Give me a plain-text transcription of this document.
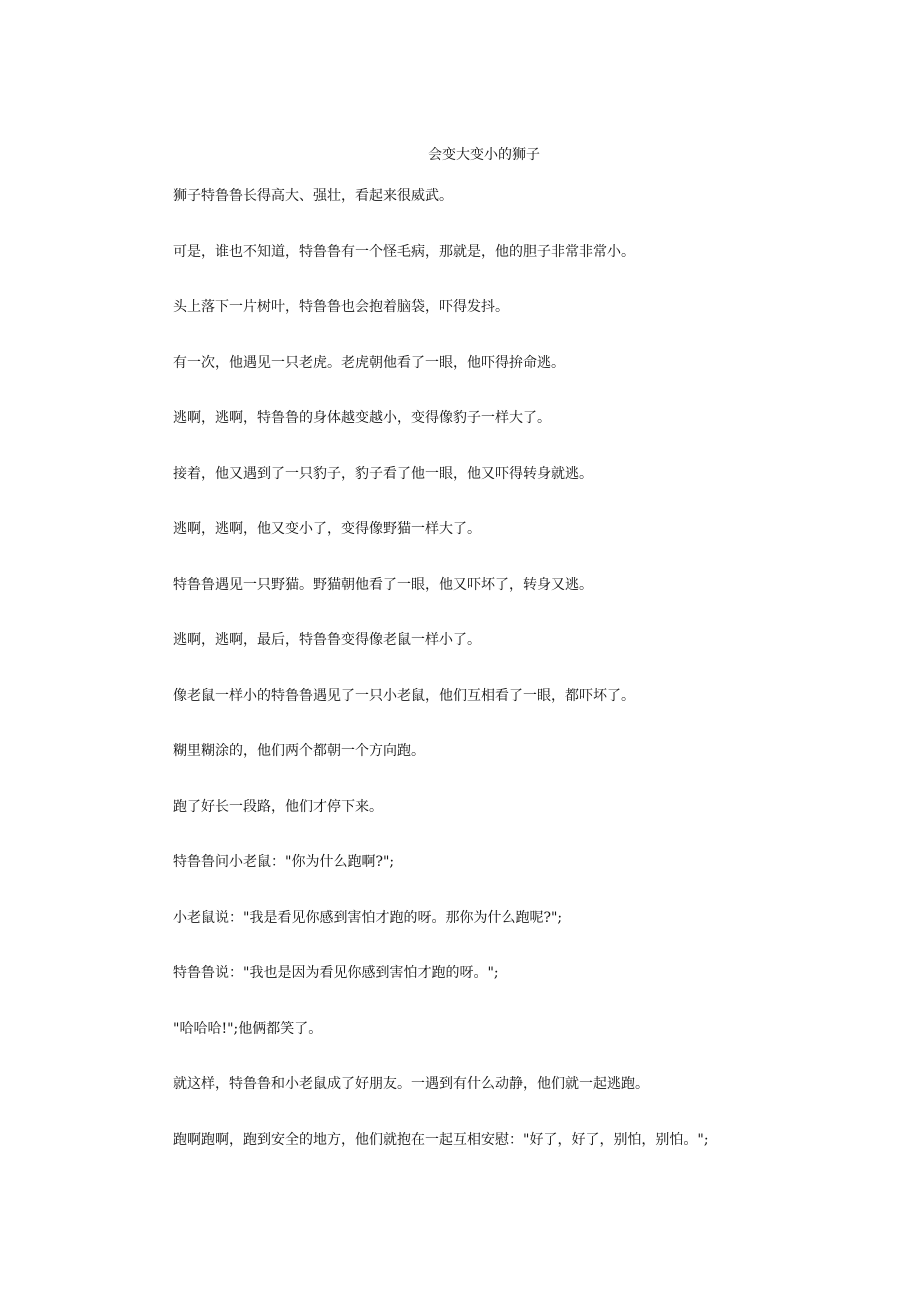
会变大变小的狮子

狮子特鲁鲁长得高大、强壮，看起来很威武。

可是，谁也不知道，特鲁鲁有一个怪毛病，那就是，他的胆子非常非常小。

头上落下一片树叶，特鲁鲁也会抱着脑袋，吓得发抖。

有一次，他遇见一只老虎。老虎朝他看了一眼，他吓得拚命逃。

逃啊，逃啊，特鲁鲁的身体越变越小，变得像豹子一样大了。

接着，他又遇到了一只豹子，豹子看了他一眼，他又吓得转身就逃。

逃啊，逃啊，他又变小了，变得像野猫一样大了。

特鲁鲁遇见一只野猫。野猫朝他看了一眼，他又吓坏了，转身又逃。

逃啊，逃啊，最后，特鲁鲁变得像老鼠一样小了。

像老鼠一样小的特鲁鲁遇见了一只小老鼠，他们互相看了一眼，都吓坏了。

糊里糊涂的，他们两个都朝一个方向跑。

跑了好长一段路，他们才停下来。

特鲁鲁问小老鼠："你为什么跑啊?";

小老鼠说："我是看见你感到害怕才跑的呀。那你为什么跑呢?";

特鲁鲁说："我也是因为看见你感到害怕才跑的呀。";

"哈哈哈!";他俩都笑了。

就这样，特鲁鲁和小老鼠成了好朋友。一遇到有什么动静，他们就一起逃跑。

跑啊跑啊，跑到安全的地方，他们就抱在一起互相安慰："好了，好了，别怕，别怕。";
